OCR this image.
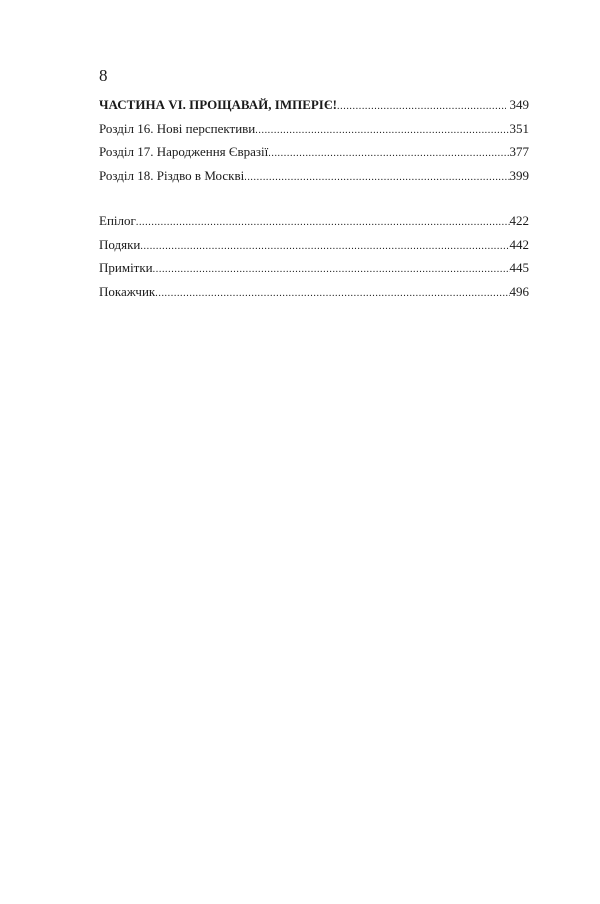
8
ЧАСТИНА VI. ПРОЩАВАЙ, ІМПЕРІЄ! .....	349
Розділ 16. Нові перспективи .....	351
Розділ 17. Народження Євразії .....	377
Розділ 18. Різдво в Москві .....	399
Епілог .....	422
Подяки .....	442
Примітки .....	445
Покажчик .....	496
